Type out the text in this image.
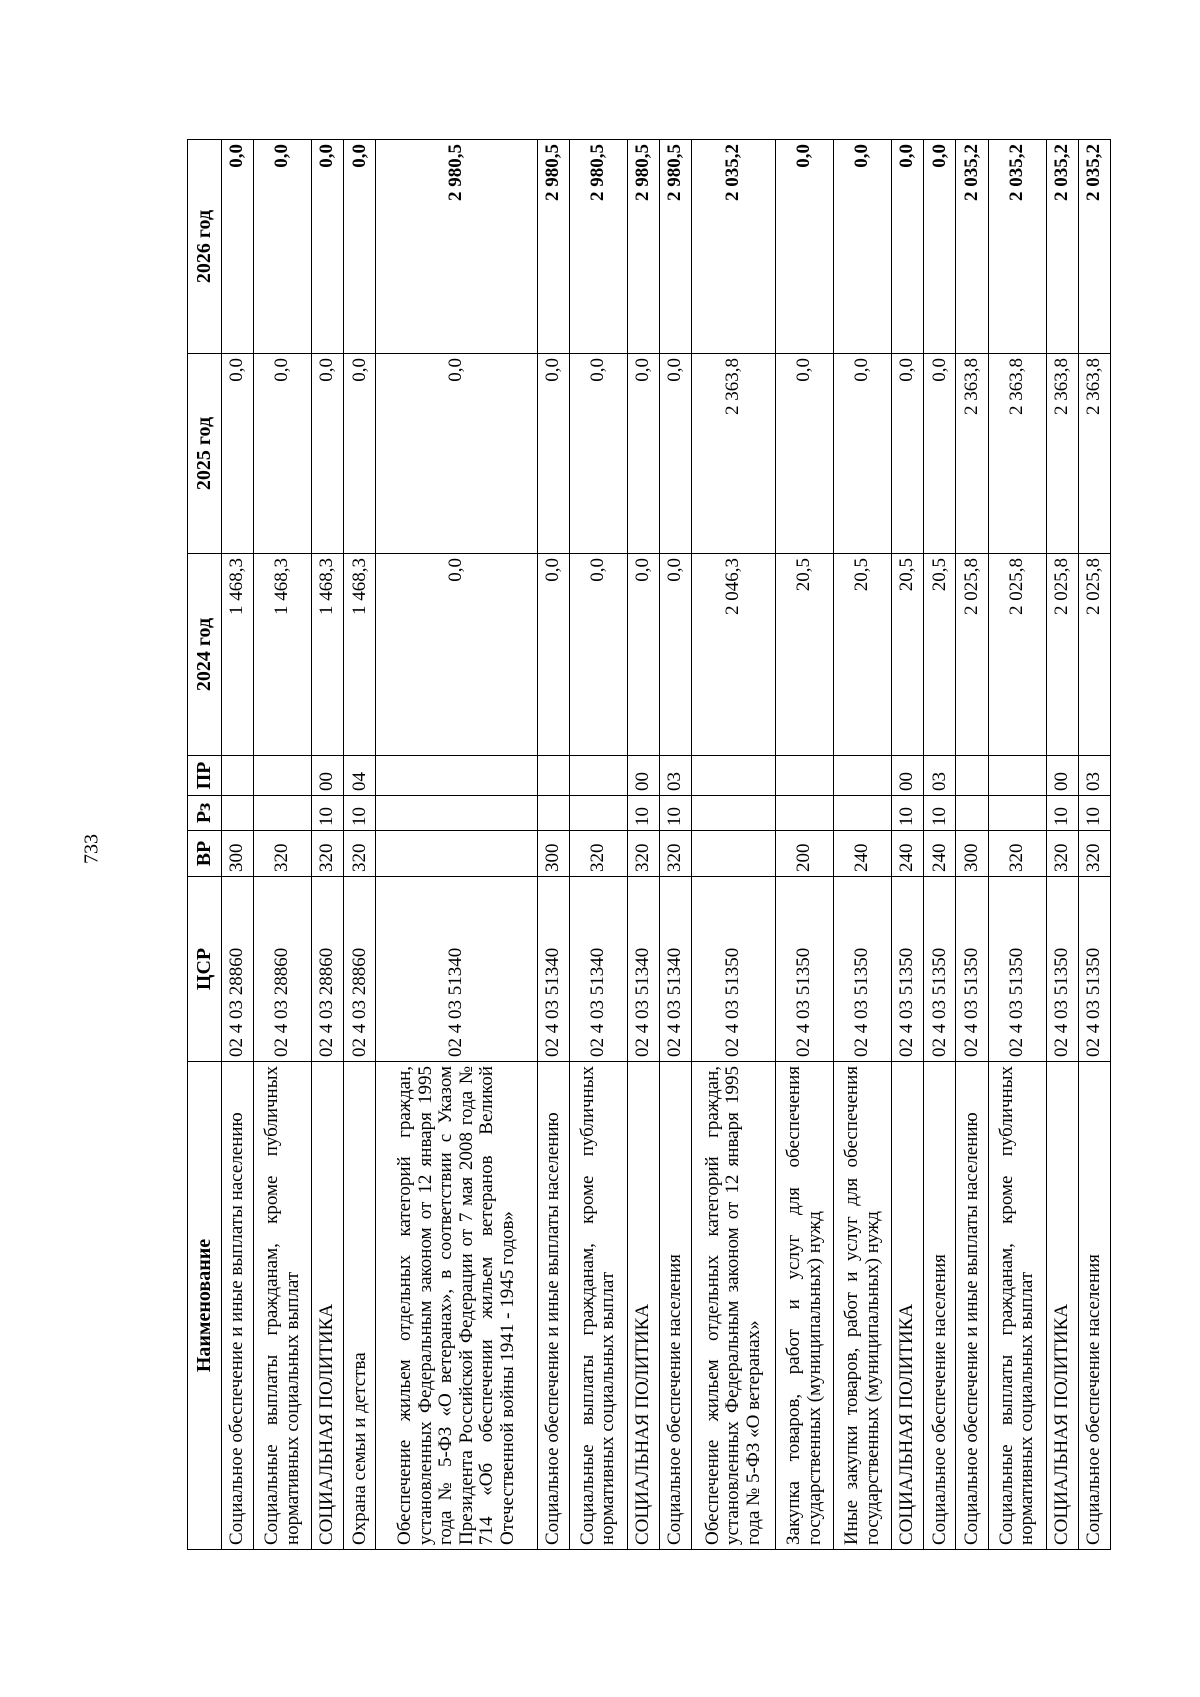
733
Наименование	ЦСР	ВР	Рз	ПР	2024 год	2025 год	2026 год
Социальное обеспечение и иные выплаты населению	02 4 03 28860	300			1 468,3	0,0	0,0
Социальные выплаты гражданам, кроме публичных нормативных социальных выплат	02 4 03 28860	320			1 468,3	0,0	0,0
СОЦИАЛЬНАЯ ПОЛИТИКА	02 4 03 28860	320	10	00	1 468,3	0,0	0,0
Охрана семьи и детства	02 4 03 28860	320	10	04	1 468,3	0,0	0,0
Обеспечение жильем отдельных категорий граждан, установленных Федеральным законом от 12 января 1995 года № 5-ФЗ «О ветеранах», в соответствии с Указом Президента Российской Федерации от 7 мая 2008 года № 714 «Об обеспечении жильем ветеранов Великой Отечественной войны 1941 - 1945 годов»	02 4 03 51340				0,0	0,0	2 980,5
Социальное обеспечение и иные выплаты населению	02 4 03 51340	300			0,0	0,0	2 980,5
Социальные выплаты гражданам, кроме публичных нормативных социальных выплат	02 4 03 51340	320			0,0	0,0	2 980,5
СОЦИАЛЬНАЯ ПОЛИТИКА	02 4 03 51340	320	10	00	0,0	0,0	2 980,5
Социальное обеспечение населения	02 4 03 51340	320	10	03	0,0	0,0	2 980,5
Обеспечение жильем отдельных категорий граждан, установленных Федеральным законом от 12 января 1995 года № 5-ФЗ «О ветеранах»	02 4 03 51350				2 046,3	2 363,8	2 035,2
Закупка товаров, работ и услуг для обеспечения государственных (муниципальных) нужд	02 4 03 51350	200			20,5	0,0	0,0
Иные закупки товаров, работ и услуг для обеспечения государственных (муниципальных) нужд	02 4 03 51350	240			20,5	0,0	0,0
СОЦИАЛЬНАЯ ПОЛИТИКА	02 4 03 51350	240	10	00	20,5	0,0	0,0
Социальное обеспечение населения	02 4 03 51350	240	10	03	20,5	0,0	0,0
Социальное обеспечение и иные выплаты населению	02 4 03 51350	300			2 025,8	2 363,8	2 035,2
Социальные выплаты гражданам, кроме публичных нормативных социальных выплат	02 4 03 51350	320			2 025,8	2 363,8	2 035,2
СОЦИАЛЬНАЯ ПОЛИТИКА	02 4 03 51350	320	10	00	2 025,8	2 363,8	2 035,2
Социальное обеспечение населения	02 4 03 51350	320	10	03	2 025,8	2 363,8	2 035,2
